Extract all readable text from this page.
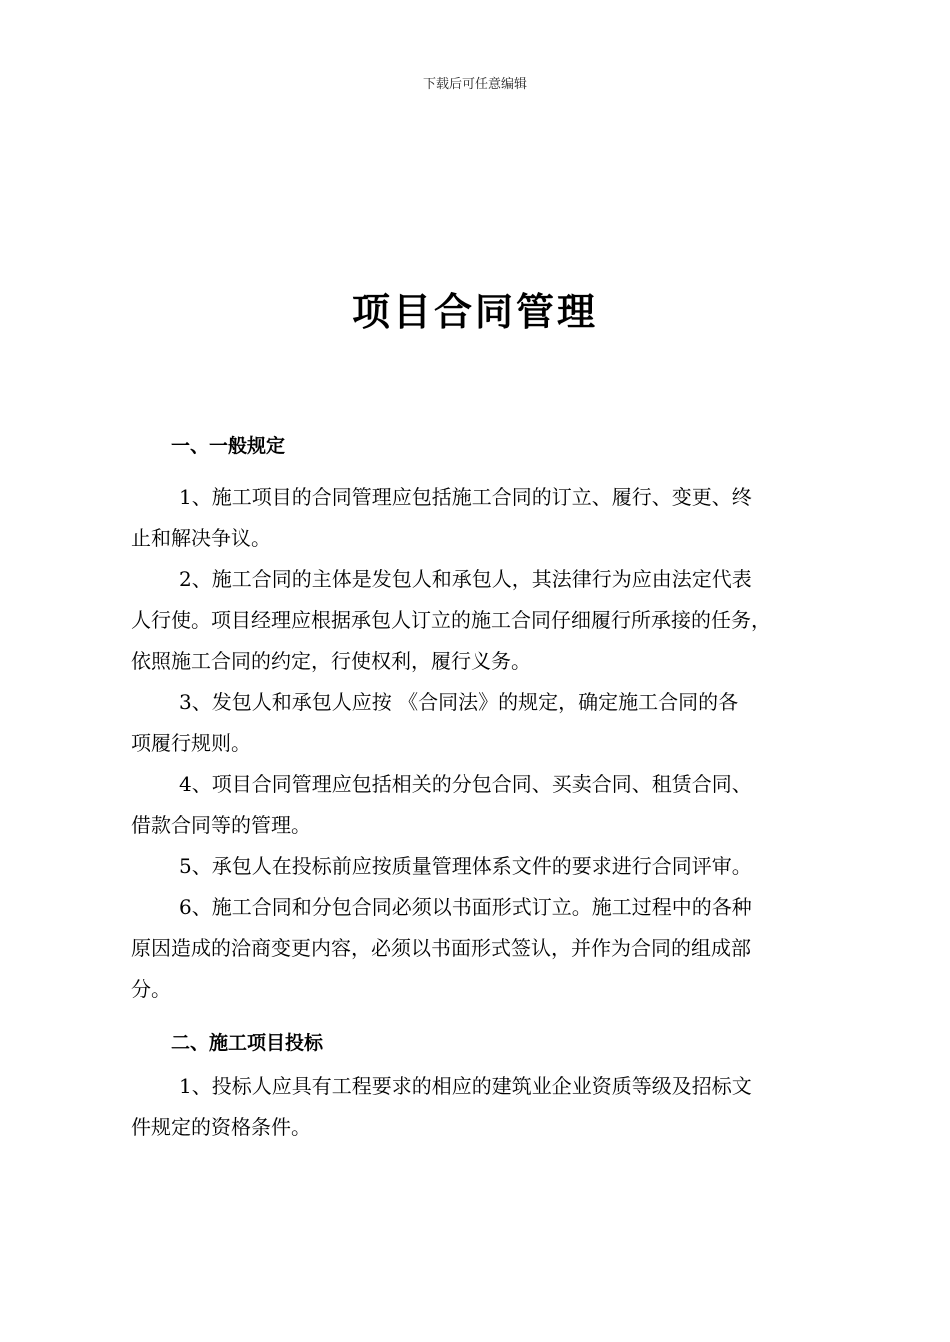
下载后可任意编辑
项目合同管理
一、一般规定

1、施工项目的合同管理应包括施工合同的订立、履行、变更、终
止和解决争议。

2、施工合同的主体是发包人和承包人，其法律行为应由法定代表
人行使。项目经理应根据承包人订立的施工合同仔细履行所承接的任务，
依照施工合同的约定，行使权利，履行义务。

3、发包人和承包人应按 《合同法》的规定，确定施工合同的各
项履行规则。

4、项目合同管理应包括相关的分包合同、买卖合同、租赁合同、
借款合同等的管理。

5、承包人在投标前应按质量管理体系文件的要求进行合同评审。

6、施工合同和分包合同必须以书面形式订立。施工过程中的各种
原因造成的洽商变更内容，必须以书面形式签认，并作为合同的组成部
分。

二、施工项目投标

1、投标人应具有工程要求的相应的建筑业企业资质等级及招标文
件规定的资格条件。
